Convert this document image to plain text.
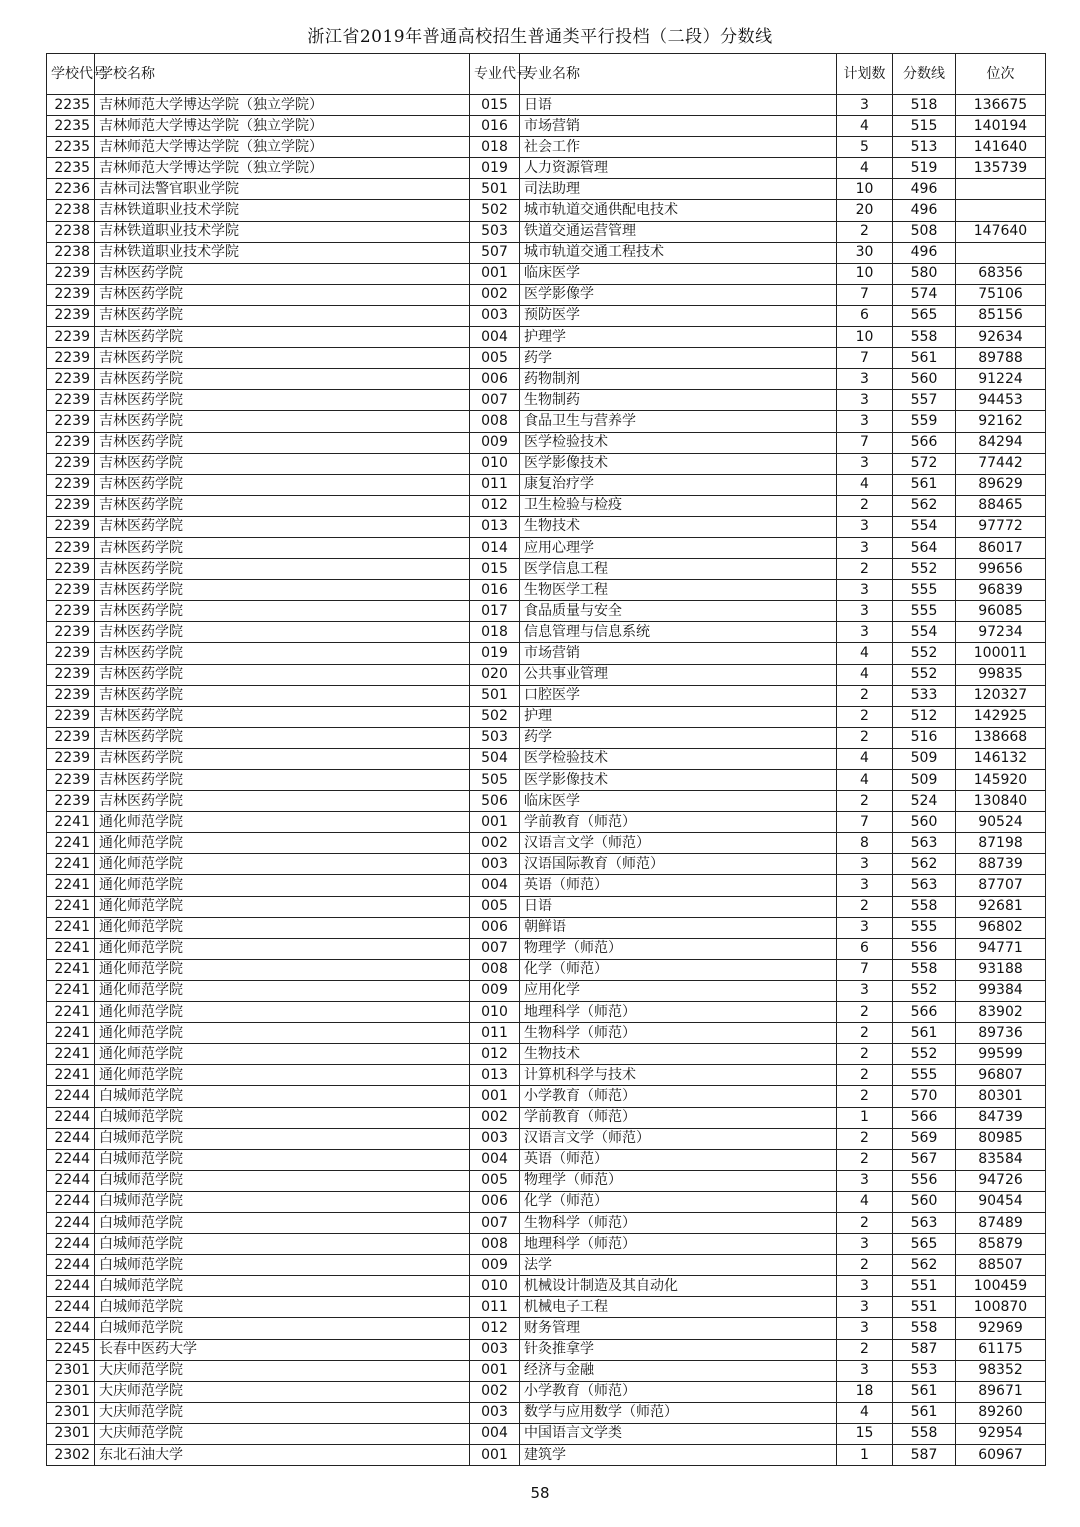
浙江省2019年普通高校招生普通类平行投档（二段）分数线
学校代号	学校名称	专业代号	专业名称	计划数	分数线	位次
2235	吉林师范大学博达学院（独立学院）	015	日语	3	518	136675
2235	吉林师范大学博达学院（独立学院）	016	市场营销	4	515	140194
2235	吉林师范大学博达学院（独立学院）	018	社会工作	5	513	141640
2235	吉林师范大学博达学院（独立学院）	019	人力资源管理	4	519	135739
2236	吉林司法警官职业学院	501	司法助理	10	496	
2238	吉林铁道职业技术学院	502	城市轨道交通供配电技术	20	496	
2238	吉林铁道职业技术学院	503	铁道交通运营管理	2	508	147640
2238	吉林铁道职业技术学院	507	城市轨道交通工程技术	30	496	
2239	吉林医药学院	001	临床医学	10	580	68356
2239	吉林医药学院	002	医学影像学	7	574	75106
2239	吉林医药学院	003	预防医学	6	565	85156
2239	吉林医药学院	004	护理学	10	558	92634
2239	吉林医药学院	005	药学	7	561	89788
2239	吉林医药学院	006	药物制剂	3	560	91224
2239	吉林医药学院	007	生物制药	3	557	94453
2239	吉林医药学院	008	食品卫生与营养学	3	559	92162
2239	吉林医药学院	009	医学检验技术	7	566	84294
2239	吉林医药学院	010	医学影像技术	3	572	77442
2239	吉林医药学院	011	康复治疗学	4	561	89629
2239	吉林医药学院	012	卫生检验与检疫	2	562	88465
2239	吉林医药学院	013	生物技术	3	554	97772
2239	吉林医药学院	014	应用心理学	3	564	86017
2239	吉林医药学院	015	医学信息工程	2	552	99656
2239	吉林医药学院	016	生物医学工程	3	555	96839
2239	吉林医药学院	017	食品质量与安全	3	555	96085
2239	吉林医药学院	018	信息管理与信息系统	3	554	97234
2239	吉林医药学院	019	市场营销	4	552	100011
2239	吉林医药学院	020	公共事业管理	4	552	99835
2239	吉林医药学院	501	口腔医学	2	533	120327
2239	吉林医药学院	502	护理	2	512	142925
2239	吉林医药学院	503	药学	2	516	138668
2239	吉林医药学院	504	医学检验技术	4	509	146132
2239	吉林医药学院	505	医学影像技术	4	509	145920
2239	吉林医药学院	506	临床医学	2	524	130840
2241	通化师范学院	001	学前教育（师范）	7	560	90524
2241	通化师范学院	002	汉语言文学（师范）	8	563	87198
2241	通化师范学院	003	汉语国际教育（师范）	3	562	88739
2241	通化师范学院	004	英语（师范）	3	563	87707
2241	通化师范学院	005	日语	2	558	92681
2241	通化师范学院	006	朝鲜语	3	555	96802
2241	通化师范学院	007	物理学（师范）	6	556	94771
2241	通化师范学院	008	化学（师范）	7	558	93188
2241	通化师范学院	009	应用化学	3	552	99384
2241	通化师范学院	010	地理科学（师范）	2	566	83902
2241	通化师范学院	011	生物科学（师范）	2	561	89736
2241	通化师范学院	012	生物技术	2	552	99599
2241	通化师范学院	013	计算机科学与技术	2	555	96807
2244	白城师范学院	001	小学教育（师范）	2	570	80301
2244	白城师范学院	002	学前教育（师范）	1	566	84739
2244	白城师范学院	003	汉语言文学（师范）	2	569	80985
2244	白城师范学院	004	英语（师范）	2	567	83584
2244	白城师范学院	005	物理学（师范）	3	556	94726
2244	白城师范学院	006	化学（师范）	4	560	90454
2244	白城师范学院	007	生物科学（师范）	2	563	87489
2244	白城师范学院	008	地理科学（师范）	3	565	85879
2244	白城师范学院	009	法学	2	562	88507
2244	白城师范学院	010	机械设计制造及其自动化	3	551	100459
2244	白城师范学院	011	机械电子工程	3	551	100870
2244	白城师范学院	012	财务管理	3	558	92969
2245	长春中医药大学	003	针灸推拿学	2	587	61175
2301	大庆师范学院	001	经济与金融	3	553	98352
2301	大庆师范学院	002	小学教育（师范）	18	561	89671
2301	大庆师范学院	003	数学与应用数学（师范）	4	561	89260
2301	大庆师范学院	004	中国语言文学类	15	558	92954
2302	东北石油大学	001	建筑学	1	587	60967
58
